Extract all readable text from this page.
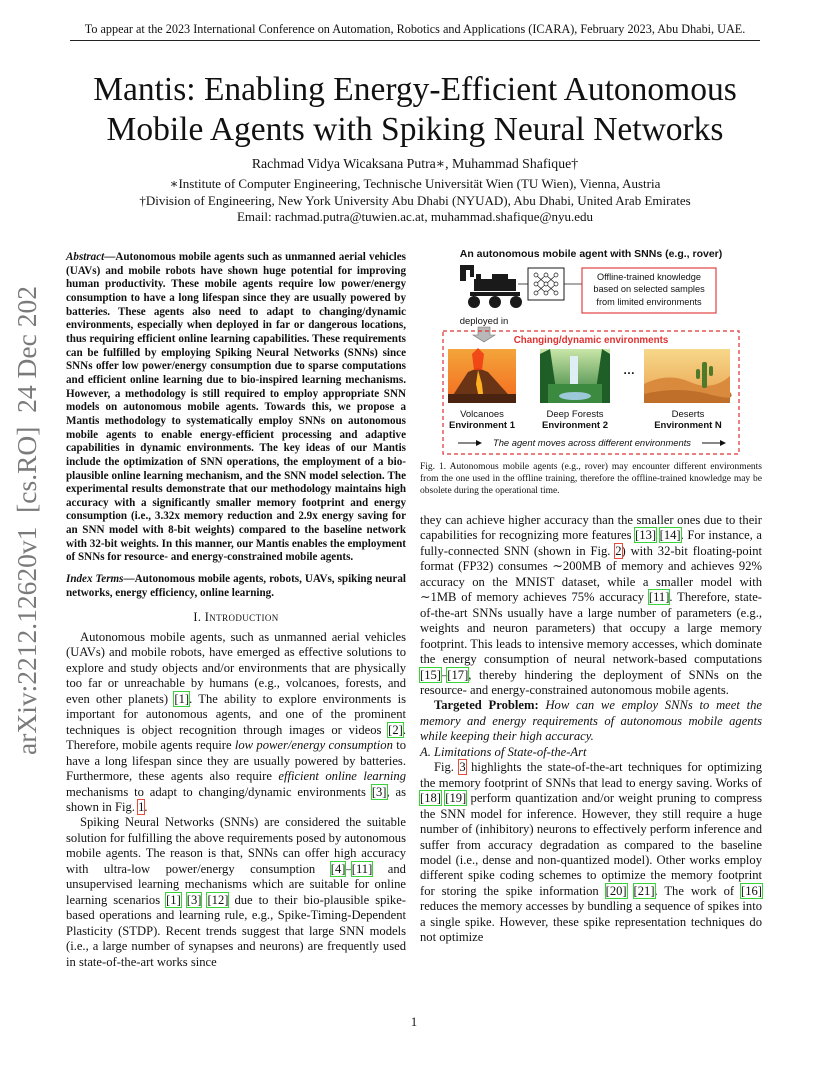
To appear at the 2023 International Conference on Automation, Robotics and Applications (ICARA), February 2023, Abu Dhabi, UAE.
Mantis: Enabling Energy-Efficient Autonomous
Mobile Agents with Spiking Neural Networks
Rachmad Vidya Wicaksana Putra∗, Muhammad Shafique†
∗Institute of Computer Engineering, Technische Universität Wien (TU Wien), Vienna, Austria
†Division of Engineering, New York University Abu Dhabi (NYUAD), Abu Dhabi, United Arab Emirates
Email: rachmad.putra@tuwien.ac.at, muhammad.shafique@nyu.edu
arXiv:2212.12620v1  [cs.RO]  24 Dec 2022
Abstract—Autonomous mobile agents such as unmanned aerial vehicles (UAVs) and mobile robots have shown huge potential for improving human productivity. These mobile agents require low power/energy consumption to have a long lifespan since they are usually powered by batteries. These agents also need to adapt to changing/dynamic environments, especially when deployed in far or dangerous locations, thus requiring efficient online learning capabilities. These requirements can be fulfilled by employing Spiking Neural Networks (SNNs) since SNNs offer low power/energy consumption due to sparse computations and efficient online learning due to bio-inspired learning mechanisms. However, a methodology is still required to employ appropriate SNN models on autonomous mobile agents. Towards this, we propose a Mantis methodology to systematically employ SNNs on autonomous mobile agents to enable energy-efficient processing and adaptive capabilities in dynamic environments. The key ideas of our Mantis include the optimization of SNN operations, the employment of a bio-plausible online learning mechanism, and the SNN model selection. The experimental results demonstrate that our methodology maintains high accuracy with a significantly smaller memory footprint and energy consumption (i.e., 3.32x memory reduction and 2.9x energy saving for an SNN model with 8-bit weights) compared to the baseline network with 32-bit weights. In this manner, our Mantis enables the employment of SNNs for resource- and energy-constrained mobile agents.
Index Terms—Autonomous mobile agents, robots, UAVs, spiking neural networks, energy efficiency, online learning.
I. Introduction

Autonomous mobile agents, such as unmanned aerial vehicles (UAVs) and mobile robots, have emerged as effective solutions to explore and study objects and/or environments that are physically too far or unreachable by humans (e.g., volcanoes, forests, and even other planets) [1]. The ability to explore environments is important for autonomous agents, and one of the prominent techniques is object recognition through images or videos [2]. Therefore, mobile agents require low power/energy consumption to have a long lifespan since they are usually powered by batteries. Furthermore, these agents also require efficient online learning mechanisms to adapt to changing/dynamic environments [3], as shown in Fig. 1.

Spiking Neural Networks (SNNs) are considered the suitable solution for fulfilling the above requirements posed by autonomous mobile agents. The reason is that, SNNs can offer high accuracy with ultra-low power/energy consumption [4]–[11] and unsupervised learning mechanisms which are suitable for online learning scenarios [1] [3] [12] due to their bio-plausible spike-based operations and learning rule, e.g., Spike-Timing-Dependent Plasticity (STDP). Recent trends suggest that large SNN models (i.e., a large number of synapses and neurons) are frequently used in state-of-the-art works since

An autonomous mobile agent with SNNs (e.g., rover)
Offline-trained knowledge based on selected samples from limited environments
deployed in
Changing/dynamic environments
…
Volcanoes
Environment 1
Deep Forests
Environment 2
Deserts
Environment N
The agent moves across different environments
Fig. 1. Autonomous mobile agents (e.g., rover) may encounter different environments from the one used in the offline training, therefore the offline-trained knowledge may be obsolete during the operational time.

they can achieve higher accuracy than the smaller ones due to their capabilities for recognizing more features [13] [14]. For instance, a fully-connected SNN (shown in Fig. 2) with 32-bit floating-point format (FP32) consumes ∼200MB of memory and achieves 92% accuracy on the MNIST dataset, while a smaller model with ∼1MB of memory achieves 75% accuracy [11]. Therefore, state-of-the-art SNNs usually have a large number of parameters (e.g., weights and neuron parameters) that occupy a large memory footprint. This leads to intensive memory accesses, which dominate the energy consumption of neural network-based computations [15]–[17], thereby hindering the deployment of SNNs on the resource- and energy-constrained autonomous mobile agents.

Targeted Problem: How can we employ SNNs to meet the memory and energy requirements of autonomous mobile agents while keeping their high accuracy.

A. Limitations of State-of-the-Art

Fig. 3 highlights the state-of-the-art techniques for optimizing the memory footprint of SNNs that lead to energy saving. Works of [18] [19] perform quantization and/or weight pruning to compress the SNN model for inference. However, they still require a huge number of (inhibitory) neurons to effectively perform inference and suffer from accuracy degradation as compared to the baseline model (i.e., dense and non-quantized model). Other works employ different spike coding schemes to optimize the memory footprint for storing the spike information [20] [21]. The work of [16] reduces the memory accesses by bundling a sequence of spikes into a single spike. However, these spike representation techniques do not optimize

1
